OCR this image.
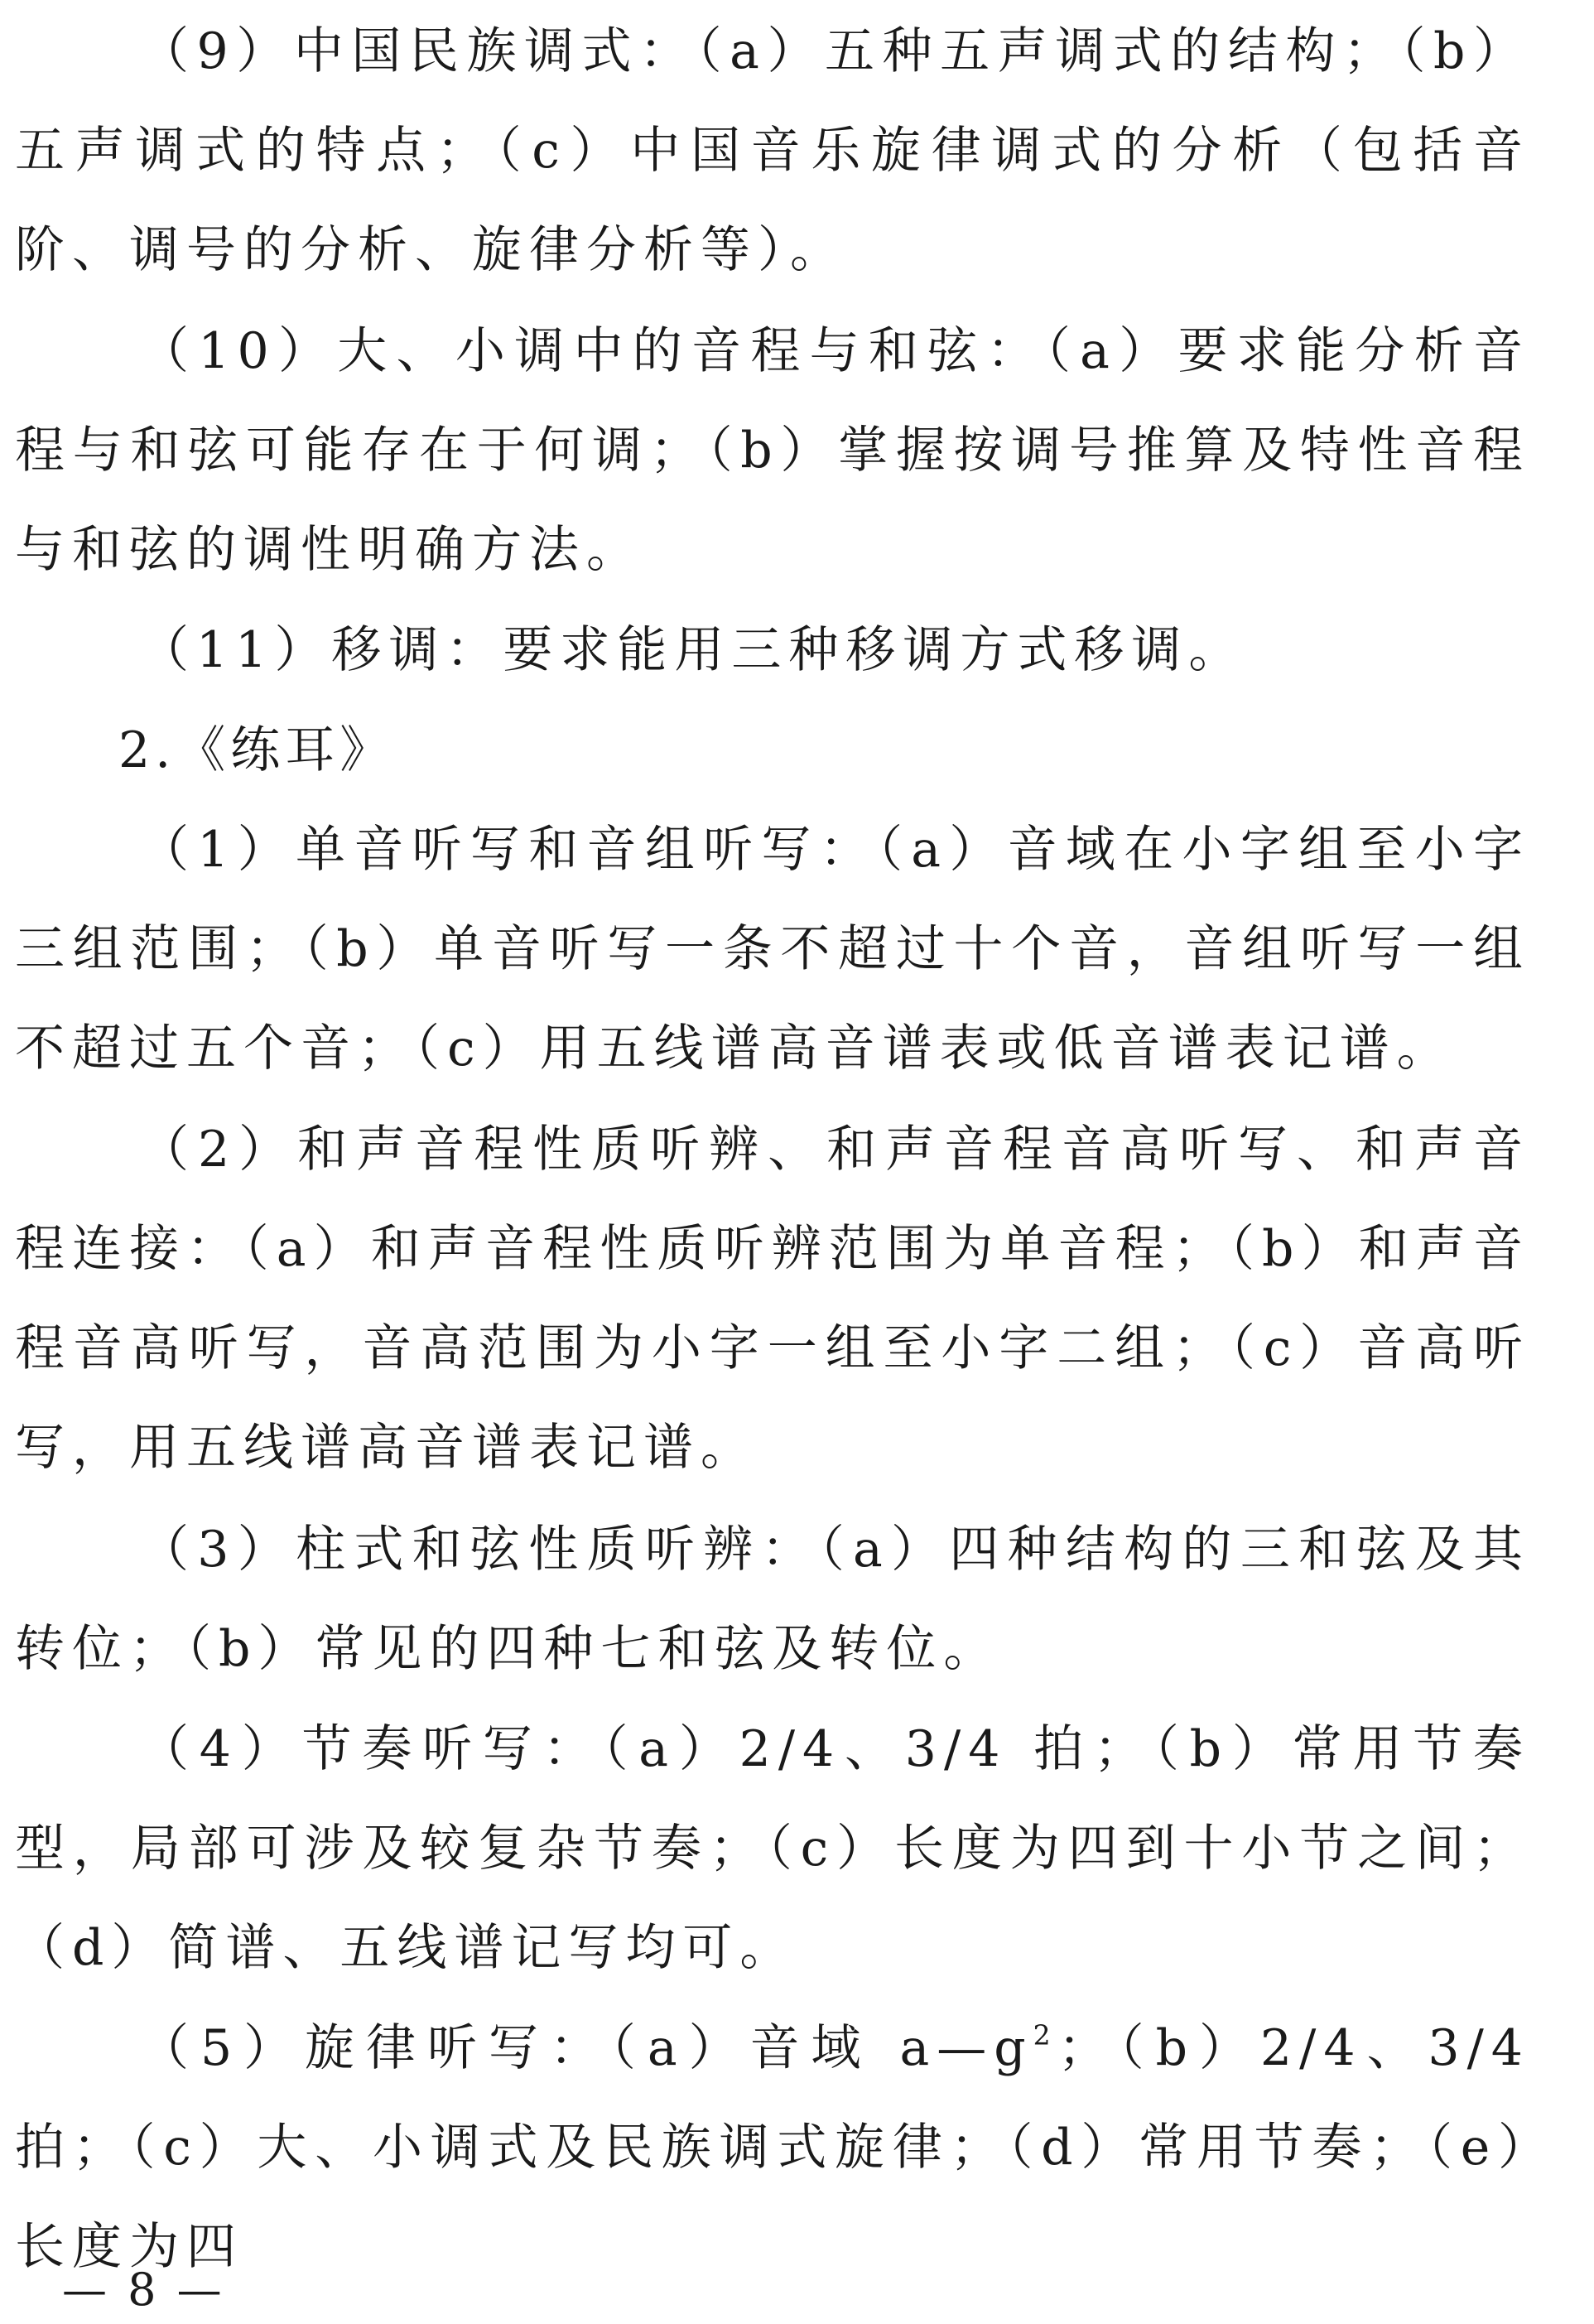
（9）中国民族调式：（a）五种五声调式的结构；（b）五声调式的特点；（c）中国音乐旋律调式的分析（包括音阶、调号的分析、旋律分析等）。

（10）大、小调中的音程与和弦：（a）要求能分析音程与和弦可能存在于何调；（b）掌握按调号推算及特性音程与和弦的调性明确方法。

（11）移调：要求能用三种移调方式移调。

2.《练耳》

（1）单音听写和音组听写：（a）音域在小字组至小字三组范围；（b）单音听写一条不超过十个音，音组听写一组不超过五个音；（c）用五线谱高音谱表或低音谱表记谱。

（2）和声音程性质听辨、和声音程音高听写、和声音程连接：（a）和声音程性质听辨范围为单音程；（b）和声音程音高听写，音高范围为小字一组至小字二组；（c）音高听写，用五线谱高音谱表记谱。

（3）柱式和弦性质听辨：（a）四种结构的三和弦及其转位；（b）常见的四种七和弦及转位。

（4）节奏听写：（a）2/4、3/4 拍；（b）常用节奏型，局部可涉及较复杂节奏；（c）长度为四到十小节之间；（d）简谱、五线谱记写均可。

（5）旋律听写：（a）音域 $a—g^2$；（b）2/4、3/4 拍；（c）大、小调式及民族调式旋律；（d）常用节奏；（e）长度为四

— 8 —
